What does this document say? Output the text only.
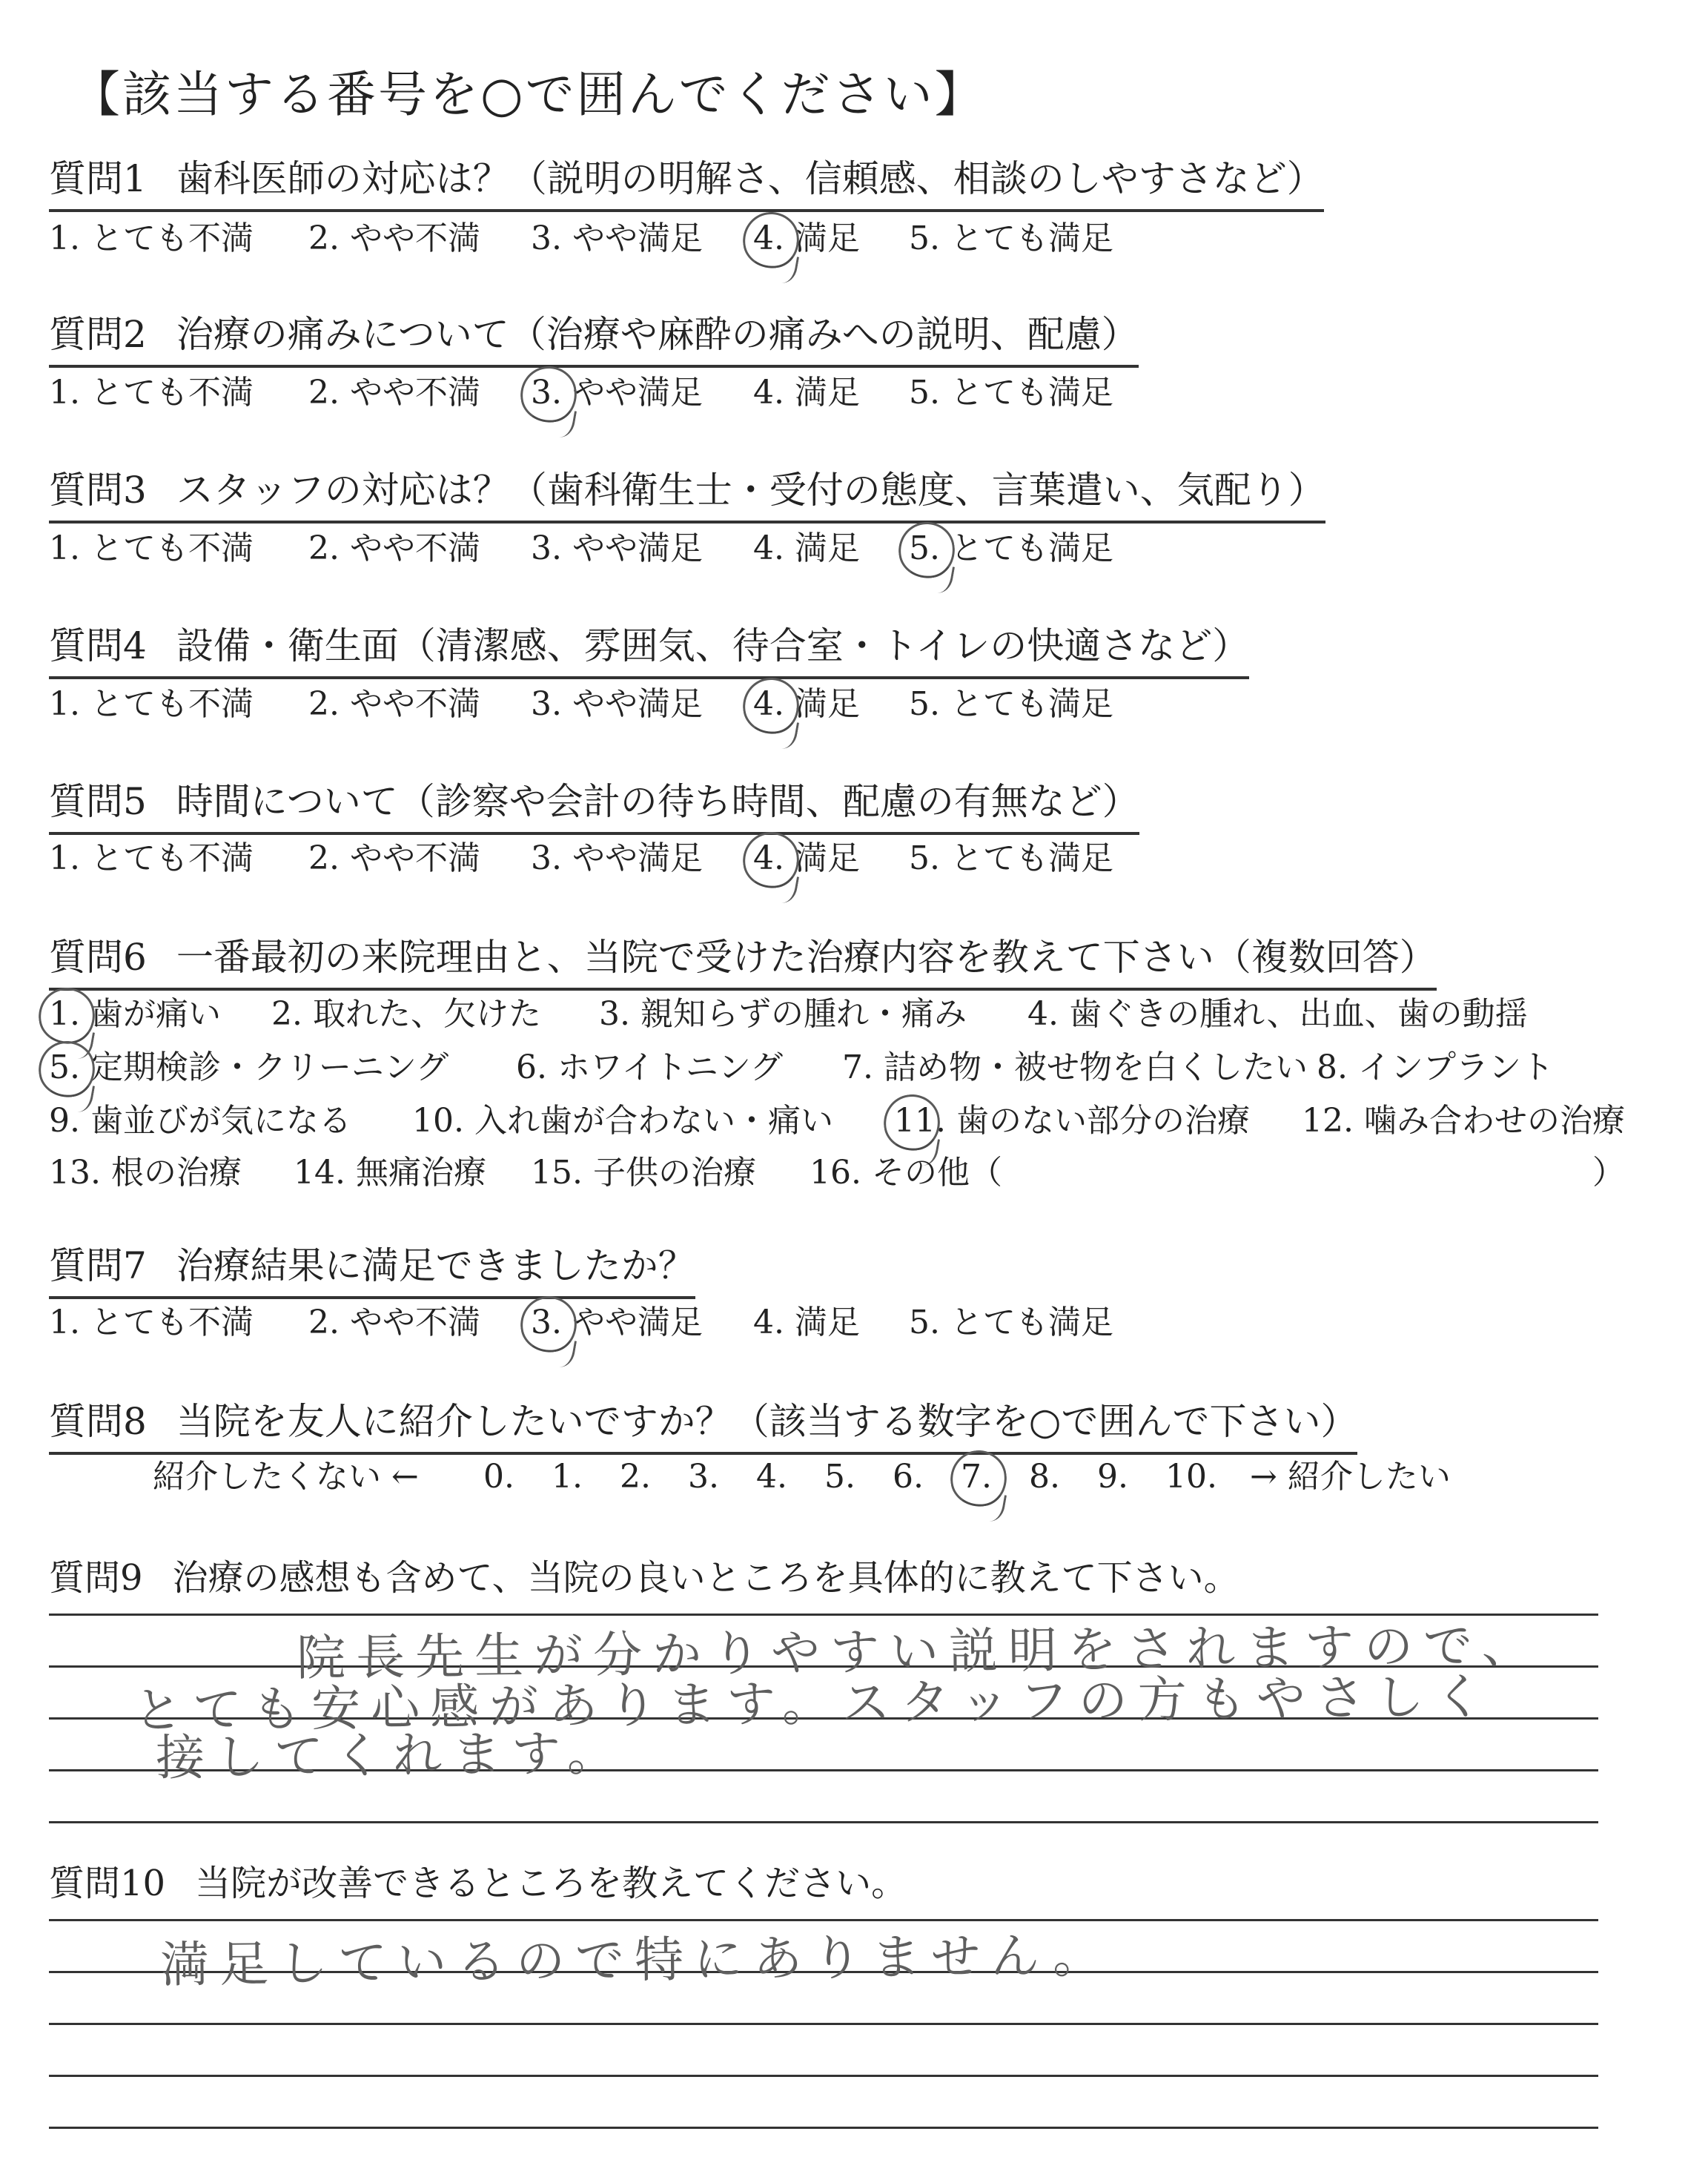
【該当する番号を○で囲んでください】
質問1 歯科医師の対応は？（説明の明解さ、信頼感、相談のしやすさなど）
1. とても不満 2. やや不満 3. やや満足 4. 満足 5. とても満足
質問2 治療の痛みについて（治療や麻酔の痛みへの説明、配慮）
1. とても不満 2. やや不満 3. やや満足 4. 満足 5. とても満足
質問3 スタッフの対応は？（歯科衛生士・受付の態度、言葉遣い、気配り）
1. とても不満 2. やや不満 3. やや満足 4. 満足 5. とても満足
質問4 設備・衛生面（清潔感、雰囲気、待合室・トイレの快適さなど）
1. とても不満 2. やや不満 3. やや満足 4. 満足 5. とても満足
質問5 時間について（診察や会計の待ち時間、配慮の有無など）
1. とても不満 2. やや不満 3. やや満足 4. 満足 5. とても満足
質問6 一番最初の来院理由と、当院で受けた治療内容を教えて下さい（複数回答）
1. 歯が痛い 2. 取れた、欠けた 3. 親知らずの腫れ・痛み 4. 歯ぐきの腫れ、出血、歯の動揺
5. 定期検診・クリーニング 6. ホワイトニング 7. 詰め物・被せ物を白くしたい 8. インプラント
9. 歯並びが気になる 10. 入れ歯が合わない・痛い 11. 歯のない部分の治療 12. 噛み合わせの治療
13. 根の治療 14. 無痛治療 15. 子供の治療 16. その他（	）
質問7 治療結果に満足できましたか？
1. とても不満 2. やや不満 3. やや満足 4. 満足 5. とても満足
質問8 当院を友人に紹介したいですか？（該当する数字を○で囲んで下さい）
紹介したくない ← 0. 1. 2. 3. 4. 5. 6. 7. 8. 9. 10. → 紹介したい
質問9 治療の感想も含めて、当院の良いところを具体的に教えて下さい。
院長先生が分かりやすい説明をされますので、
とても安心感があります。スタッフの方もやさしく
接してくれます。
質問10 当院が改善できるところを教えてください。
満足しているので特にありません。
